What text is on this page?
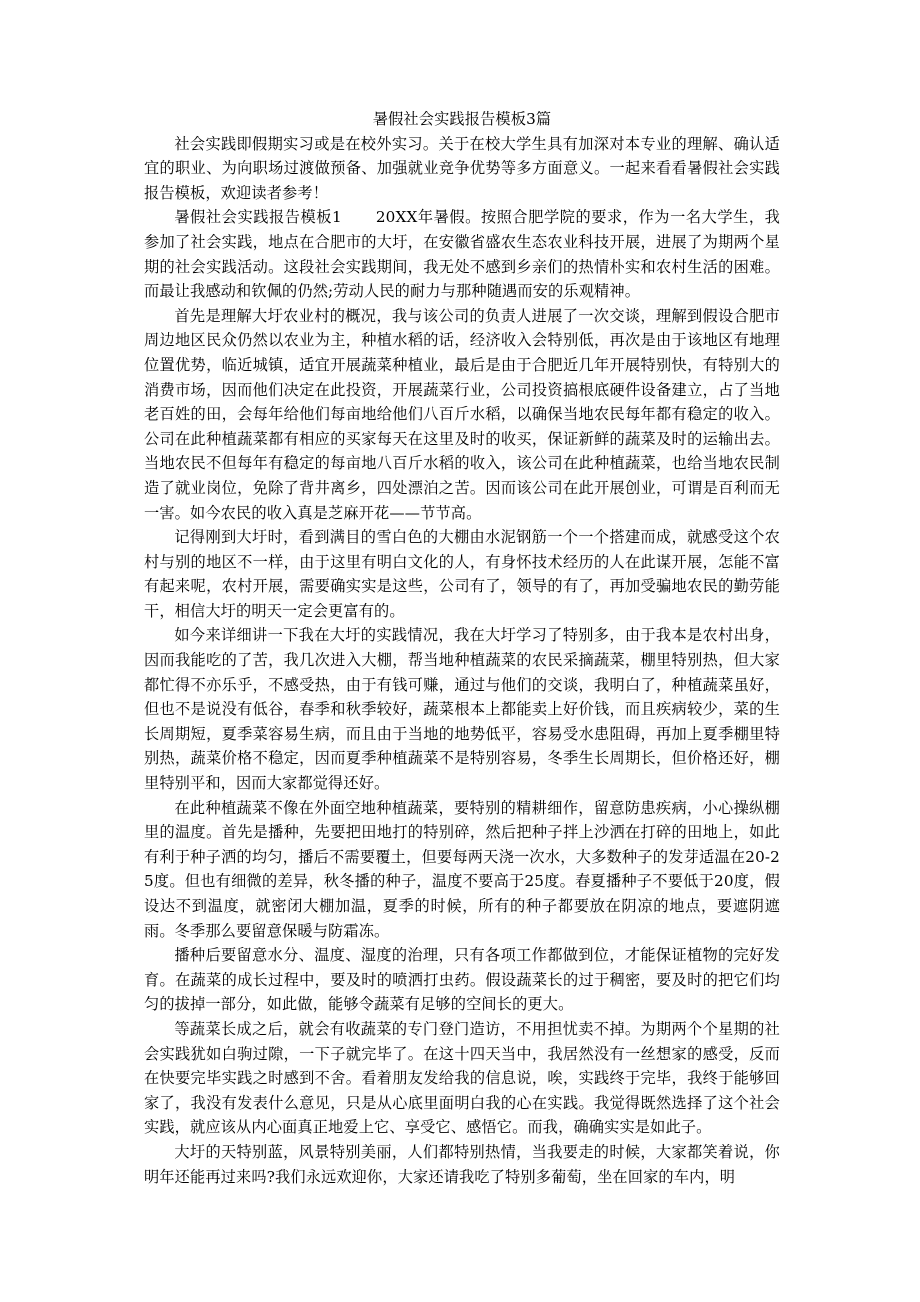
暑假社会实践报告模板3篇

社会实践即假期实习或是在校外实习。关于在校大学生具有加深对本专业的理解、确认适宜的职业、为向职场过渡做预备、加强就业竞争优势等多方面意义。一起来看看暑假社会实践报告模板，欢迎读者参考！

暑假社会实践报告模板1 20XX年暑假。按照合肥学院的要求，作为一名大学生，我参加了社会实践，地点在合肥市的大圩，在安徽省盛农生态农业科技开展，进展了为期两个星期的社会实践活动。这段社会实践期间，我无处不感到乡亲们的热情朴实和农村生活的困难。而最让我感动和钦佩的仍然;劳动人民的耐力与那种随遇而安的乐观精神。

首先是理解大圩农业村的概况，我与该公司的负责人进展了一次交谈，理解到假设合肥市周边地区民众仍然以农业为主，种植水稻的话，经济收入会特别低，再次是由于该地区有地理位置优势，临近城镇，适宜开展蔬菜种植业，最后是由于合肥近几年开展特别快，有特别大的消费市场，因而他们决定在此投资，开展蔬菜行业，公司投资搞根底硬件设备建立，占了当地老百姓的田，会每年给他们每亩地给他们八百斤水稻，以确保当地农民每年都有稳定的收入。公司在此种植蔬菜都有相应的买家每天在这里及时的收买，保证新鲜的蔬菜及时的运输出去。当地农民不但每年有稳定的每亩地八百斤水稻的收入，该公司在此种植蔬菜，也给当地农民制造了就业岗位，免除了背井离乡，四处漂泊之苦。因而该公司在此开展创业，可谓是百利而无一害。如今农民的收入真是芝麻开花——节节高。

记得刚到大圩时，看到满目的雪白色的大棚由水泥钢筋一个一个搭建而成，就感受这个农村与别的地区不一样，由于这里有明白文化的人，有身怀技术经历的人在此谋开展，怎能不富有起来呢，农村开展，需要确实实是这些，公司有了，领导的有了，再加受骗地农民的勤劳能干，相信大圩的明天一定会更富有的。

如今来详细讲一下我在大圩的实践情况，我在大圩学习了特别多，由于我本是农村出身，因而我能吃的了苦，我几次进入大棚，帮当地种植蔬菜的农民采摘蔬菜，棚里特别热，但大家都忙得不亦乐乎，不感受热，由于有钱可赚，通过与他们的交谈，我明白了，种植蔬菜虽好，但也不是说没有低谷，春季和秋季较好，蔬菜根本上都能卖上好价钱，而且疾病较少，菜的生长周期短，夏季菜容易生病，而且由于当地的地势低平，容易受水患阻碍，再加上夏季棚里特别热，蔬菜价格不稳定，因而夏季种植蔬菜不是特别容易，冬季生长周期长，但价格还好，棚里特别平和，因而大家都觉得还好。

在此种植蔬菜不像在外面空地种植蔬菜，要特别的精耕细作，留意防患疾病，小心操纵棚里的温度。首先是播种，先要把田地打的特别碎，然后把种子拌上沙洒在打碎的田地上，如此有利于种子洒的均匀，播后不需要覆土，但要每两天浇一次水，大多数种子的发芽适温在20-25度。但也有细微的差异，秋冬播的种子，温度不要高于25度。春夏播种子不要低于20度，假设达不到温度，就密闭大棚加温，夏季的时候，所有的种子都要放在阴凉的地点，要遮阴遮雨。冬季那么要留意保暖与防霜冻。

播种后要留意水分、温度、湿度的治理，只有各项工作都做到位，才能保证植物的完好发育。在蔬菜的成长过程中，要及时的喷洒打虫药。假设蔬菜长的过于稠密，要及时的把它们均匀的拔掉一部分，如此做，能够令蔬菜有足够的空间长的更大。

等蔬菜长成之后，就会有收蔬菜的专门登门造访，不用担忧卖不掉。为期两个个星期的社会实践犹如白驹过隙，一下子就完毕了。在这十四天当中，我居然没有一丝想家的感受，反而在快要完毕实践之时感到不舍。看着朋友发给我的信息说，唉，实践终于完毕，我终于能够回家了，我没有发表什么意见，只是从心底里面明白我的心在实践。我觉得既然选择了这个社会实践，就应该从内心面真正地爱上它、享受它、感悟它。而我，确确实实是如此子。

大圩的天特别蓝，风景特别美丽，人们都特别热情，当我要走的时候，大家都笑着说，你明年还能再过来吗?我们永远欢迎你，大家还请我吃了特别多葡萄，坐在回家的车内，明
